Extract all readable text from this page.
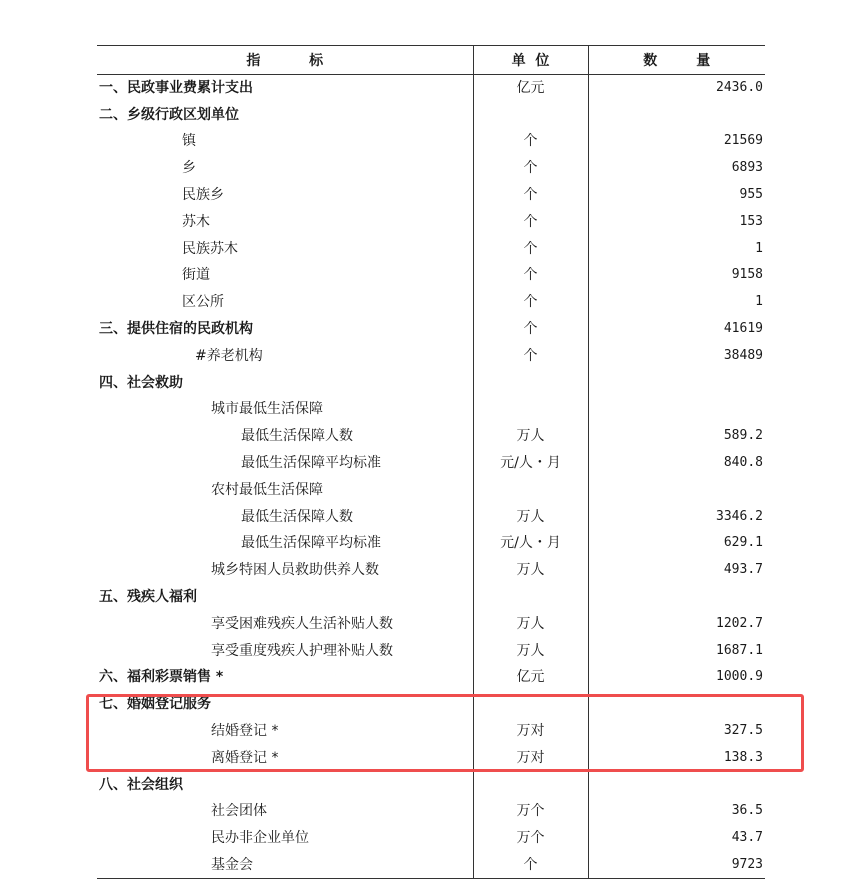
指          标	单  位	数        量
一、民政事业费累计支出	亿元	2436.0
二、乡级行政区划单位		
镇	个	21569
乡	个	6893
民族乡	个	955
苏木	个	153
民族苏木	个	1
街道	个	9158
区公所	个	1
三、提供住宿的民政机构	个	41619
#养老机构	个	38489
四、社会救助		
城市最低生活保障		
最低生活保障人数	万人	589.2
最低生活保障平均标准	元/人・月	840.8
农村最低生活保障		
最低生活保障人数	万人	3346.2
最低生活保障平均标准	元/人・月	629.1
城乡特困人员救助供养人数	万人	493.7
五、残疾人福利		
享受困难残疾人生活补贴人数	万人	1202.7
享受重度残疾人护理补贴人数	万人	1687.1
六、福利彩票销售 *	亿元	1000.9
七、婚姻登记服务		
结婚登记 *	万对	327.5
离婚登记 *	万对	138.3
八、社会组织		
社会团体	万个	36.5
民办非企业单位	万个	43.7
基金会	个	9723
